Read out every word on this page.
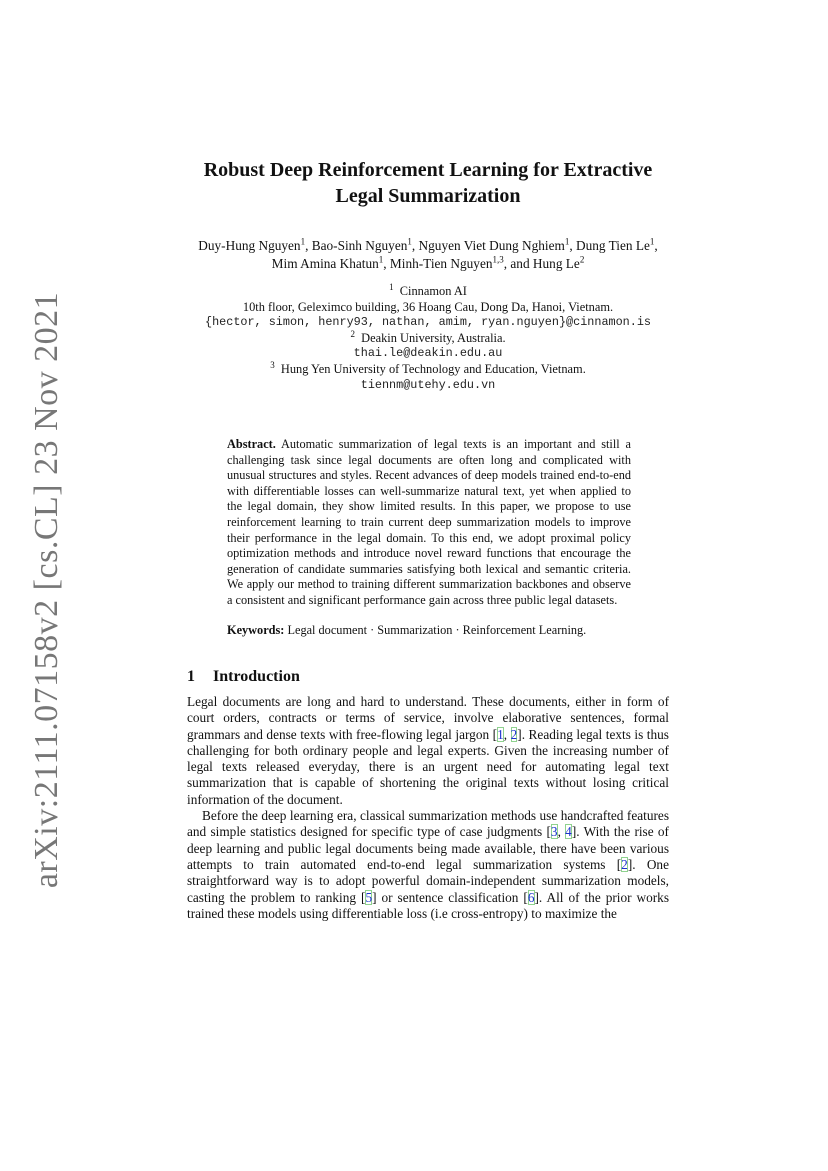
arXiv:2111.07158v2 [cs.CL] 23 Nov 2021
Robust Deep Reinforcement Learning for Extractive
Legal Summarization
Duy-Hung Nguyen$^1$, Bao-Sinh Nguyen$^1$, Nguyen Viet Dung Nghiem$^1$, Dung Tien Le$^1$,
Mim Amina Khatun$^1$, Minh-Tien Nguyen$^{1,3}$, and Hung Le$^2$
$^1$ Cinnamon AI
10th floor, Geleximco building, 36 Hoang Cau, Dong Da, Hanoi, Vietnam.
{hector, simon, henry93, nathan, amim, ryan.nguyen}@cinnamon.is
$^2$ Deakin University, Australia.
thai.le@deakin.edu.au
$^3$ Hung Yen University of Technology and Education, Vietnam.
tiennm@utehy.edu.vn
Abstract. Automatic summarization of legal texts is an important and still a challenging task since legal documents are often long and complicated with unusual structures and styles. Recent advances of deep models trained end-to-end with differentiable losses can well-summarize natural text, yet when applied to the legal domain, they show limited results. In this paper, we propose to use reinforcement learning to train current deep summarization models to improve their performance in the legal domain. To this end, we adopt proximal policy optimization methods and introduce novel reward functions that encourage the generation of candidate summaries satisfying both lexical and semantic criteria. We apply our method to training different summarization backbones and observe a consistent and significant performance gain across three public legal datasets.
Keywords: Legal document · Summarization · Reinforcement Learning.
1 Introduction

Legal documents are long and hard to understand. These documents, either in form of court orders, contracts or terms of service, involve elaborative sentences, formal grammars and dense texts with free-flowing legal jargon [1, 2]. Reading legal texts is thus challenging for both ordinary people and legal experts. Given the increasing number of legal texts released everyday, there is an urgent need for automating legal text summarization that is capable of shortening the original texts without losing critical information of the document.

Before the deep learning era, classical summarization methods use handcrafted features and simple statistics designed for specific type of case judgments [3, 4]. With the rise of deep learning and public legal documents being made available, there have been various attempts to train automated end-to-end legal summarization systems [2]. One straightforward way is to adopt powerful domain-independent summarization models, casting the problem to ranking [5] or sentence classification [6]. All of the prior works trained these models using differentiable loss (i.e cross-entropy) to maximize the
